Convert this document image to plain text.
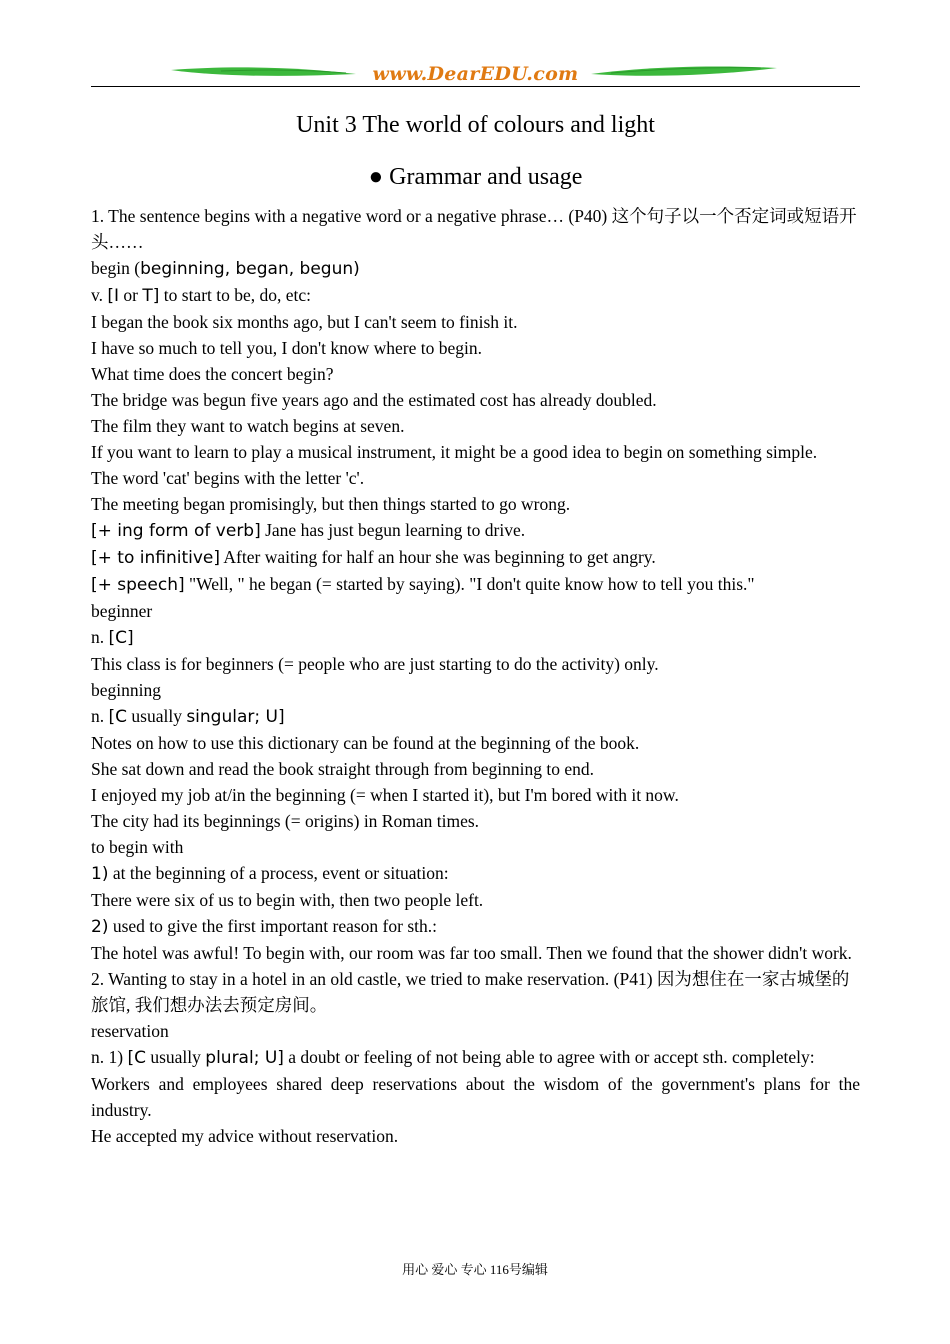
www.DearEDU.com
Unit 3 The world of colours and light
● Grammar and usage

1. The sentence begins with a negative word or a negative phrase… (P40) 这个句子以一个否定词或短语开头……

begin (beginning, began, begun)

v. [I or T] to start to be, do, etc:

I began the book six months ago, but I can't seem to finish it.

I have so much to tell you, I don't know where to begin.

What time does the concert begin?

The bridge was begun five years ago and the estimated cost has already doubled.

The film they want to watch begins at seven.

If you want to learn to play a musical instrument, it might be a good idea to begin on something simple.

The word 'cat' begins with the letter 'c'.

The meeting began promisingly, but then things started to go wrong.

[+ ing form of verb] Jane has just begun learning to drive.

[+ to infinitive] After waiting for half an hour she was beginning to get angry.

[+ speech] "Well, " he began (= started by saying). "I don't quite know how to tell you this."

beginner

n. [C]

This class is for beginners (= people who are just starting to do the activity) only.

beginning

n. [C usually singular; U]

Notes on how to use this dictionary can be found at the beginning of the book.

She sat down and read the book straight through from beginning to end.

I enjoyed my job at/in the beginning (= when I started it), but I'm bored with it now.

The city had its beginnings (= origins) in Roman times.

to begin with

1) at the beginning of a process, event or situation:

There were six of us to begin with, then two people left.

2) used to give the first important reason for sth.:

The hotel was awful! To begin with, our room was far too small. Then we found that the shower didn't work.

2. Wanting to stay in a hotel in an old castle, we tried to make reservation. (P41) 因为想住在一家古城堡的旅馆, 我们想办法去预定房间。

reservation

n. 1) [C usually plural; U] a doubt or feeling of not being able to agree with or accept sth. completely:

Workers and employees shared deep reservations about the wisdom of the government's plans for the industry.

He accepted my advice without reservation.

用心 爱心 专心 116号编辑
